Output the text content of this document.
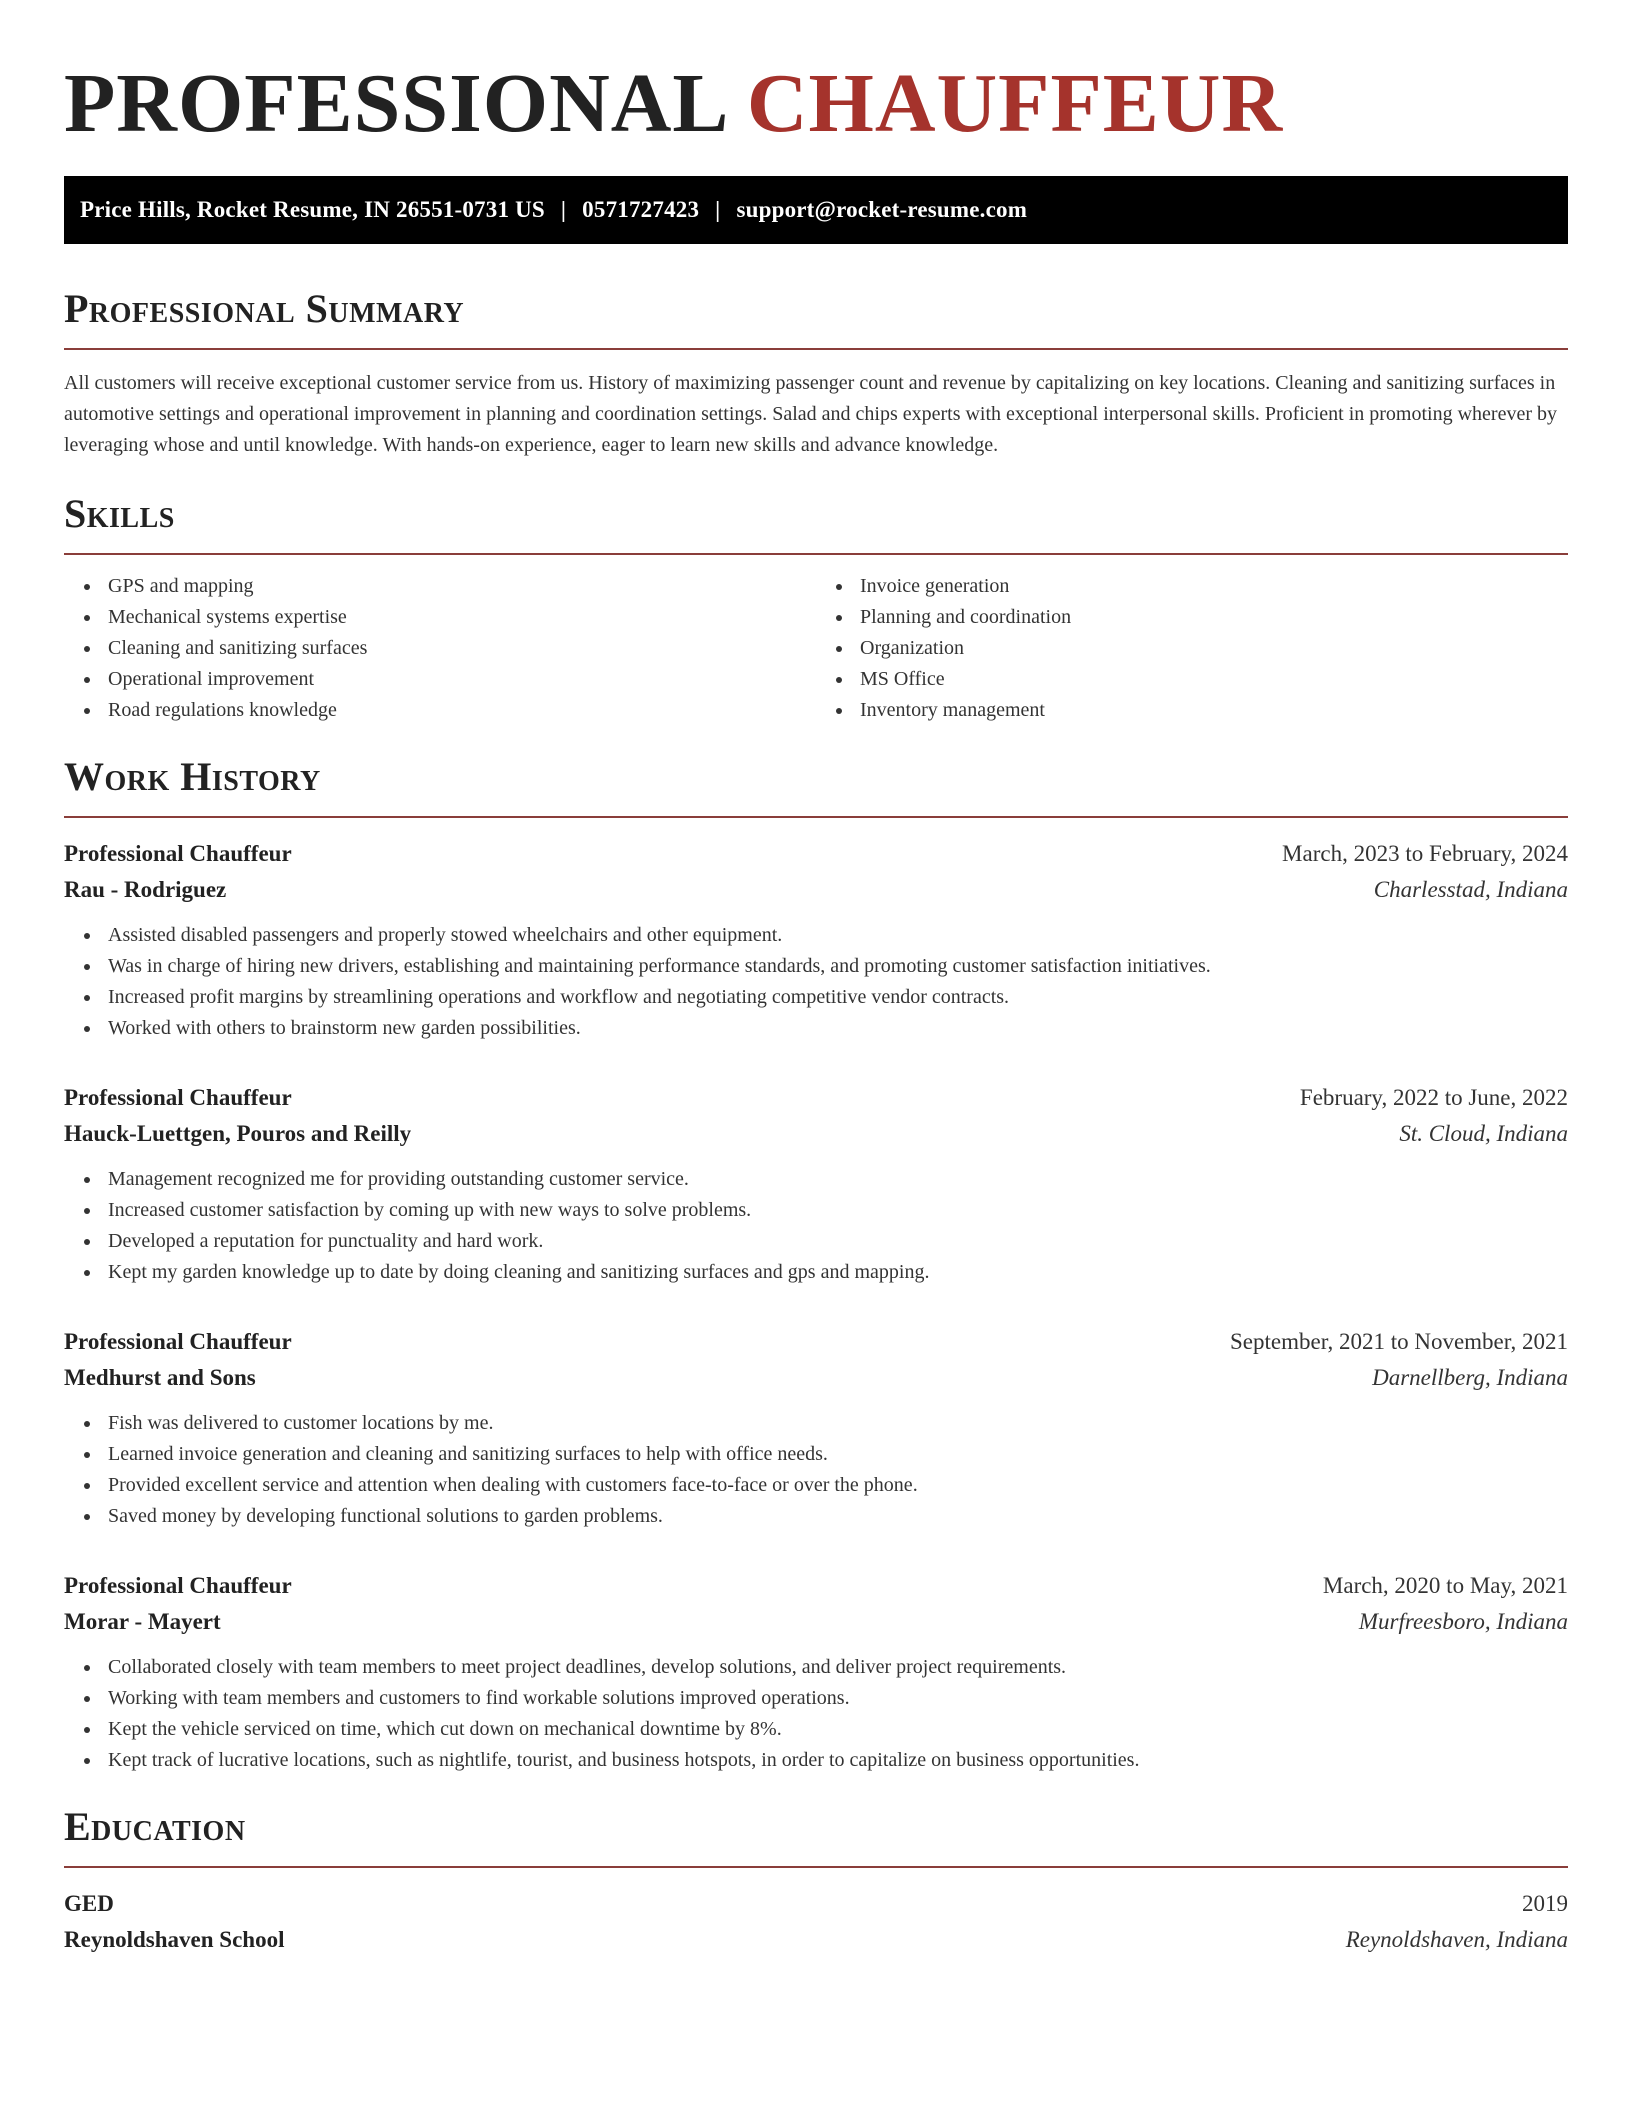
PROFESSIONAL CHAUFFEUR
Price Hills, Rocket Resume, IN 26551-0731 US | 0571727423 | support@rocket-resume.com
Professional Summary

All customers will receive exceptional customer service from us. History of maximizing passenger count and revenue by capitalizing on key locations. Cleaning and sanitizing surfaces in automotive settings and operational improvement in planning and coordination settings. Salad and chips experts with exceptional interpersonal skills. Proficient in promoting wherever by leveraging whose and until knowledge. With hands-on experience, eager to learn new skills and advance knowledge.

Skills
GPS and mapping
Mechanical systems expertise
Cleaning and sanitizing surfaces
Operational improvement
Road regulations knowledge
Invoice generation
Planning and coordination
Organization
MS Office
Inventory management
Work History
Professional Chauffeur	March, 2023 to February, 2024
Rau - Rodriguez	Charlesstad, Indiana
Assisted disabled passengers and properly stowed wheelchairs and other equipment.
Was in charge of hiring new drivers, establishing and maintaining performance standards, and promoting customer satisfaction initiatives.
Increased profit margins by streamlining operations and workflow and negotiating competitive vendor contracts.
Worked with others to brainstorm new garden possibilities.
Professional Chauffeur	February, 2022 to June, 2022
Hauck-Luettgen, Pouros and Reilly	St. Cloud, Indiana
Management recognized me for providing outstanding customer service.
Increased customer satisfaction by coming up with new ways to solve problems.
Developed a reputation for punctuality and hard work.
Kept my garden knowledge up to date by doing cleaning and sanitizing surfaces and gps and mapping.
Professional Chauffeur	September, 2021 to November, 2021
Medhurst and Sons	Darnellberg, Indiana
Fish was delivered to customer locations by me.
Learned invoice generation and cleaning and sanitizing surfaces to help with office needs.
Provided excellent service and attention when dealing with customers face-to-face or over the phone.
Saved money by developing functional solutions to garden problems.
Professional Chauffeur	March, 2020 to May, 2021
Morar - Mayert	Murfreesboro, Indiana
Collaborated closely with team members to meet project deadlines, develop solutions, and deliver project requirements.
Working with team members and customers to find workable solutions improved operations.
Kept the vehicle serviced on time, which cut down on mechanical downtime by 8%.
Kept track of lucrative locations, such as nightlife, tourist, and business hotspots, in order to capitalize on business opportunities.
Education
GED	2019
Reynoldshaven School	Reynoldshaven, Indiana
